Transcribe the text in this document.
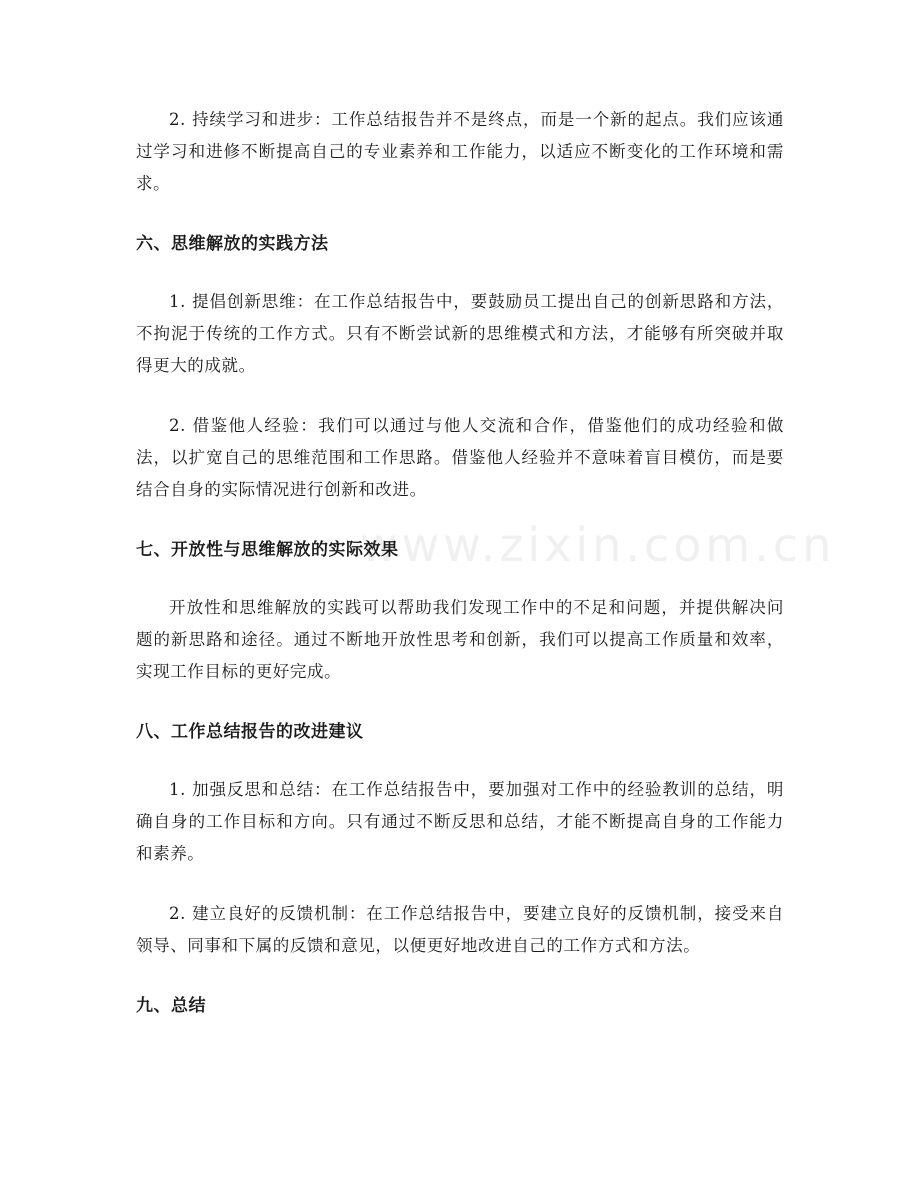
www.zixin.com.cn

2. 持续学习和进步：工作总结报告并不是终点，而是一个新的起点。我们应该通过学习和进修不断提高自己的专业素养和工作能力，以适应不断变化的工作环境和需求。

六、思维解放的实践方法

1. 提倡创新思维：在工作总结报告中，要鼓励员工提出自己的创新思路和方法，不拘泥于传统的工作方式。只有不断尝试新的思维模式和方法，才能够有所突破并取得更大的成就。

2. 借鉴他人经验：我们可以通过与他人交流和合作，借鉴他们的成功经验和做法，以扩宽自己的思维范围和工作思路。借鉴他人经验并不意味着盲目模仿，而是要结合自身的实际情况进行创新和改进。

七、开放性与思维解放的实际效果

开放性和思维解放的实践可以帮助我们发现工作中的不足和问题，并提供解决问题的新思路和途径。通过不断地开放性思考和创新，我们可以提高工作质量和效率，实现工作目标的更好完成。

八、工作总结报告的改进建议

1. 加强反思和总结：在工作总结报告中，要加强对工作中的经验教训的总结，明确自身的工作目标和方向。只有通过不断反思和总结，才能不断提高自身的工作能力和素养。

2. 建立良好的反馈机制：在工作总结报告中，要建立良好的反馈机制，接受来自领导、同事和下属的反馈和意见，以便更好地改进自己的工作方式和方法。

九、总结
